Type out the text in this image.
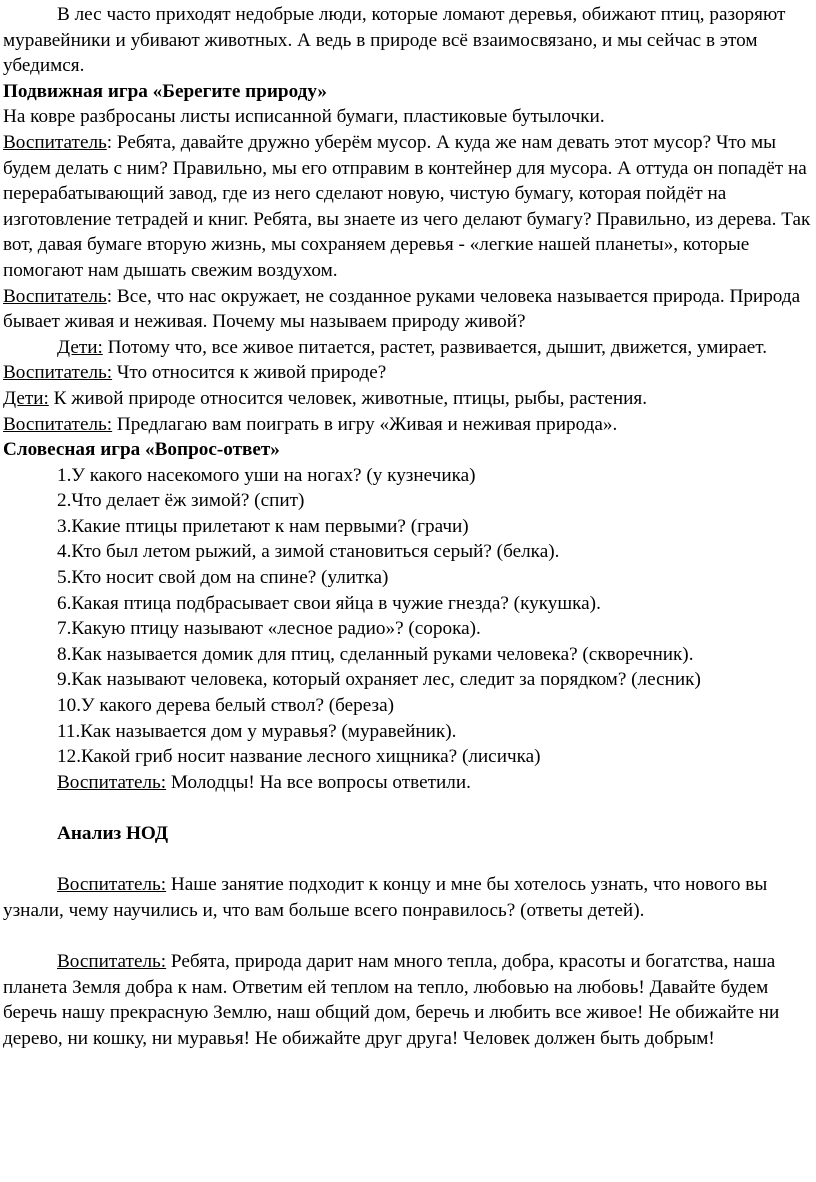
В лес часто приходят недобрые люди, которые ломают деревья, обижают птиц, разоряют муравейники и убивают животных. А ведь в природе всё взаимосвязано, и мы сейчас в этом убедимся.

Подвижная игра «Берегите природу»

На ковре разбросаны листы исписанной бумаги, пластиковые бутылочки.

Воспитатель: Ребята, давайте дружно уберём мусор. А куда же нам девать этот мусор? Что мы будем делать с ним? Правильно, мы его отправим в контейнер для мусора. А оттуда он попадёт на перерабатывающий завод, где из него сделают новую, чистую бумагу, которая пойдёт на изготовление тетрадей и книг. Ребята, вы знаете из чего делают бумагу? Правильно, из дерева. Так вот, давая бумаге вторую жизнь, мы сохраняем деревья - «легкие нашей планеты», которые помогают нам дышать свежим воздухом.

Воспитатель: Все, что нас окружает, не созданное руками человека называется природа. Природа бывает живая и неживая. Почему мы называем природу живой?

Дети: Потому что, все живое питается, растет, развивается, дышит, движется, умирает.

Воспитатель: Что относится к живой природе?

Дети: К живой природе относится человек, животные, птицы, рыбы, растения.

Воспитатель: Предлагаю вам поиграть в игру «Живая и неживая природа».

Словесная игра «Вопрос-ответ»

1.У какого насекомого уши на ногах? (у кузнечика)

2.Что делает ёж зимой? (спит)

3.Какие птицы прилетают к нам первыми? (грачи)

4.Кто был летом рыжий, а зимой становиться серый? (белка).

5.Кто носит свой дом на спине? (улитка)

6.Какая птица подбрасывает свои яйца в чужие гнезда? (кукушка).

7.Какую птицу называют «лесное радио»? (сорока).

8.Как называется домик для птиц, сделанный руками человека? (скворечник).

9.Как называют человека, который охраняет лес, следит за порядком? (лесник)

10.У какого дерева белый ствол? (береза)

11.Как называется дом у муравья? (муравейник).

12.Какой гриб носит название лесного хищника? (лисичка)

Воспитатель: Молодцы! На все вопросы ответили.

Анализ НОД

Воспитатель: Наше занятие подходит к концу и мне бы хотелось узнать, что нового вы узнали, чему научились и, что вам больше всего понравилось? (ответы детей).

Воспитатель: Ребята, природа дарит нам много тепла, добра, красоты и богатства, наша планета Земля добра к нам. Ответим ей теплом на тепло, любовью на любовь! Давайте будем беречь нашу прекрасную Землю, наш общий дом, беречь и любить все живое! Не обижайте ни дерево, ни кошку, ни муравья! Не обижайте друг друга! Человек должен быть добрым!
